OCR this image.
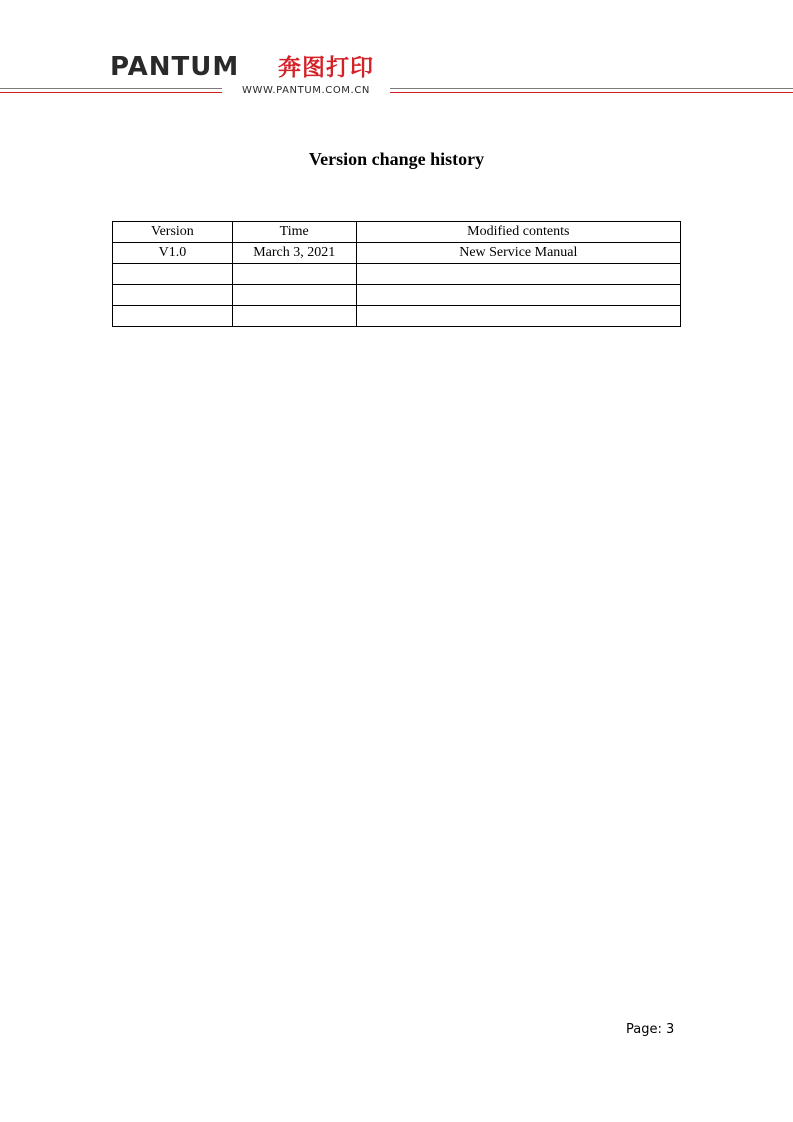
PANTUM 奔图打印
WWW.PANTUM.COM.CN
Version change history
Version	Time	Modified contents
V1.0	March 3, 2021	New Service Manual

Page: 3
